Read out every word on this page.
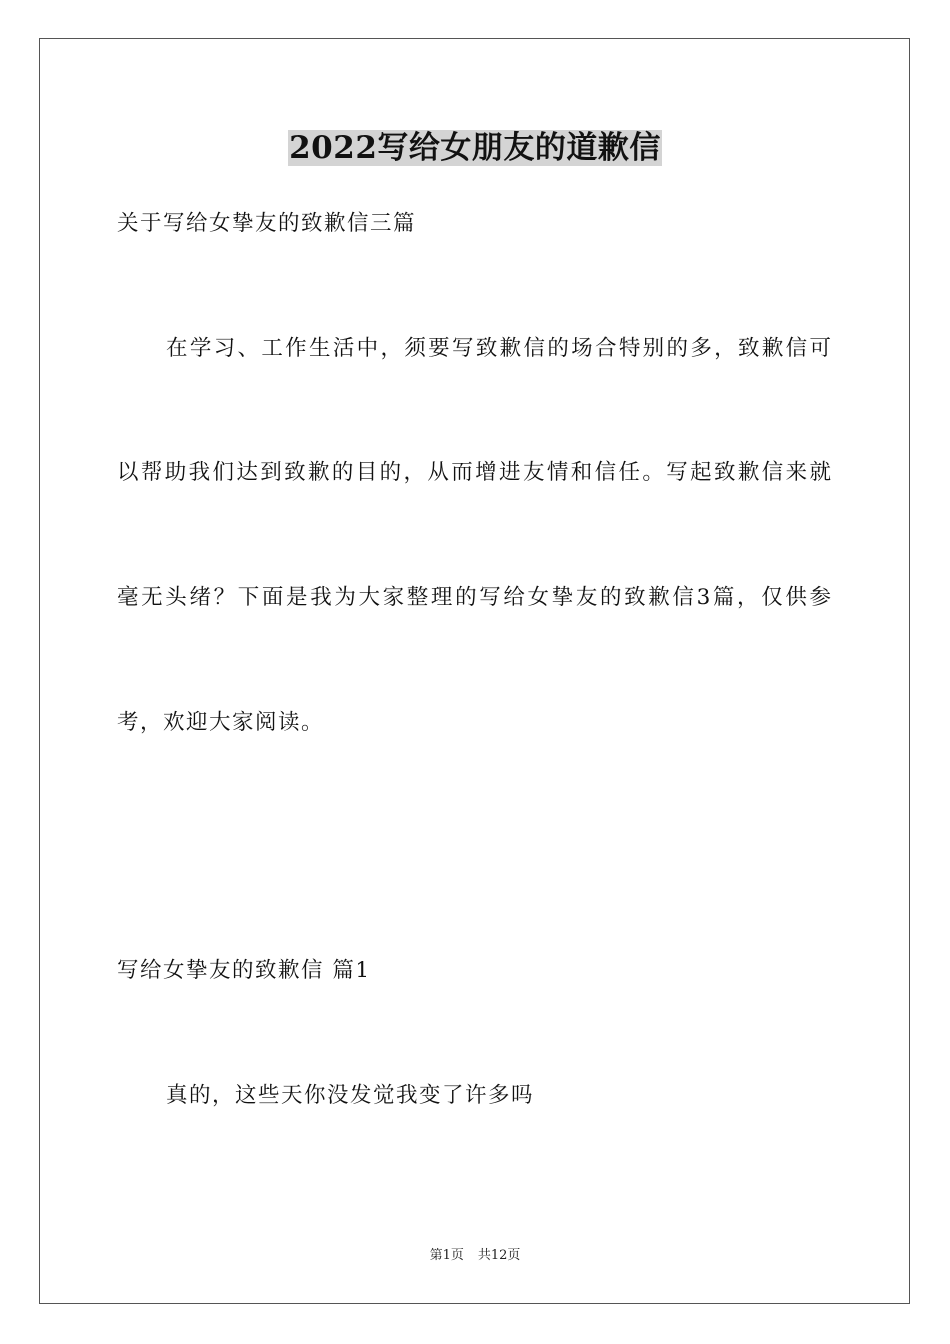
2022写给女朋友的道歉信
关于写给女挚友的致歉信三篇
在学习、工作生活中，须要写致歉信的场合特别的多，致歉信可
以帮助我们达到致歉的目的，从而增进友情和信任。写起致歉信来就
毫无头绪？下面是我为大家整理的写给女挚友的致歉信3篇，仅供参
考，欢迎大家阅读。
写给女挚友的致歉信 篇1
真的，这些天你没发觉我变了许多吗
第1页 共12页
